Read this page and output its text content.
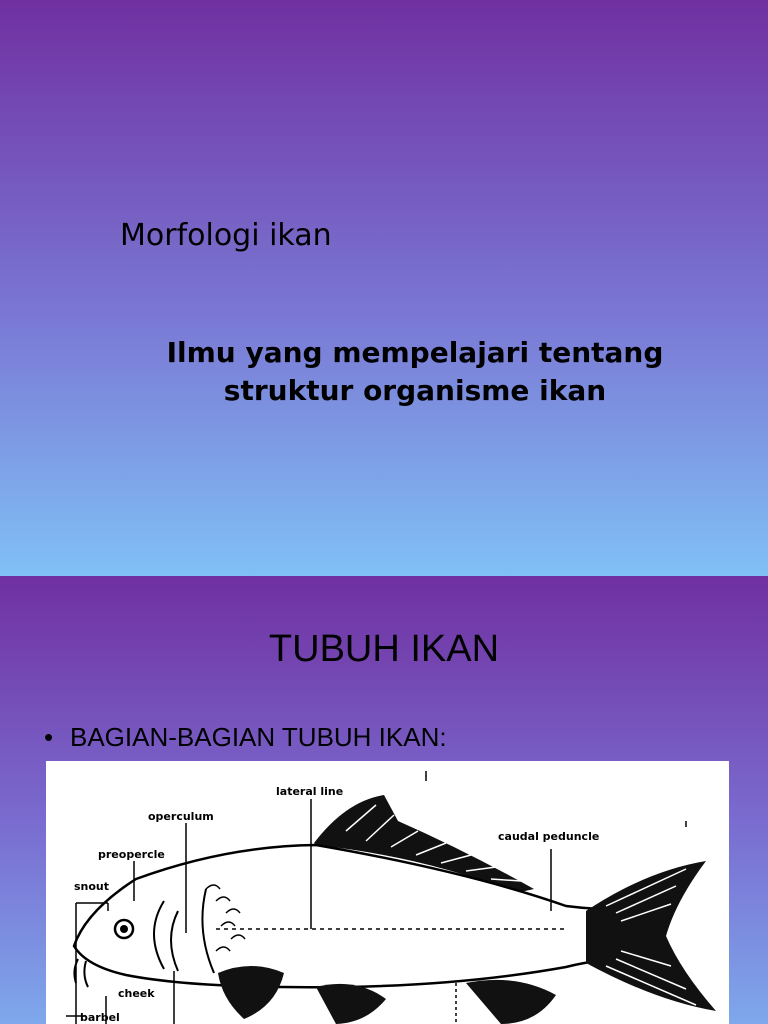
Morfologi ikan
Ilmu yang mempelajari tentang
struktur organisme ikan
TUBUH IKAN
• BAGIAN-BAGIAN TUBUH IKAN:
lateral line
operculum
caudal peduncle
preopercle
snout
cheek
barbel
